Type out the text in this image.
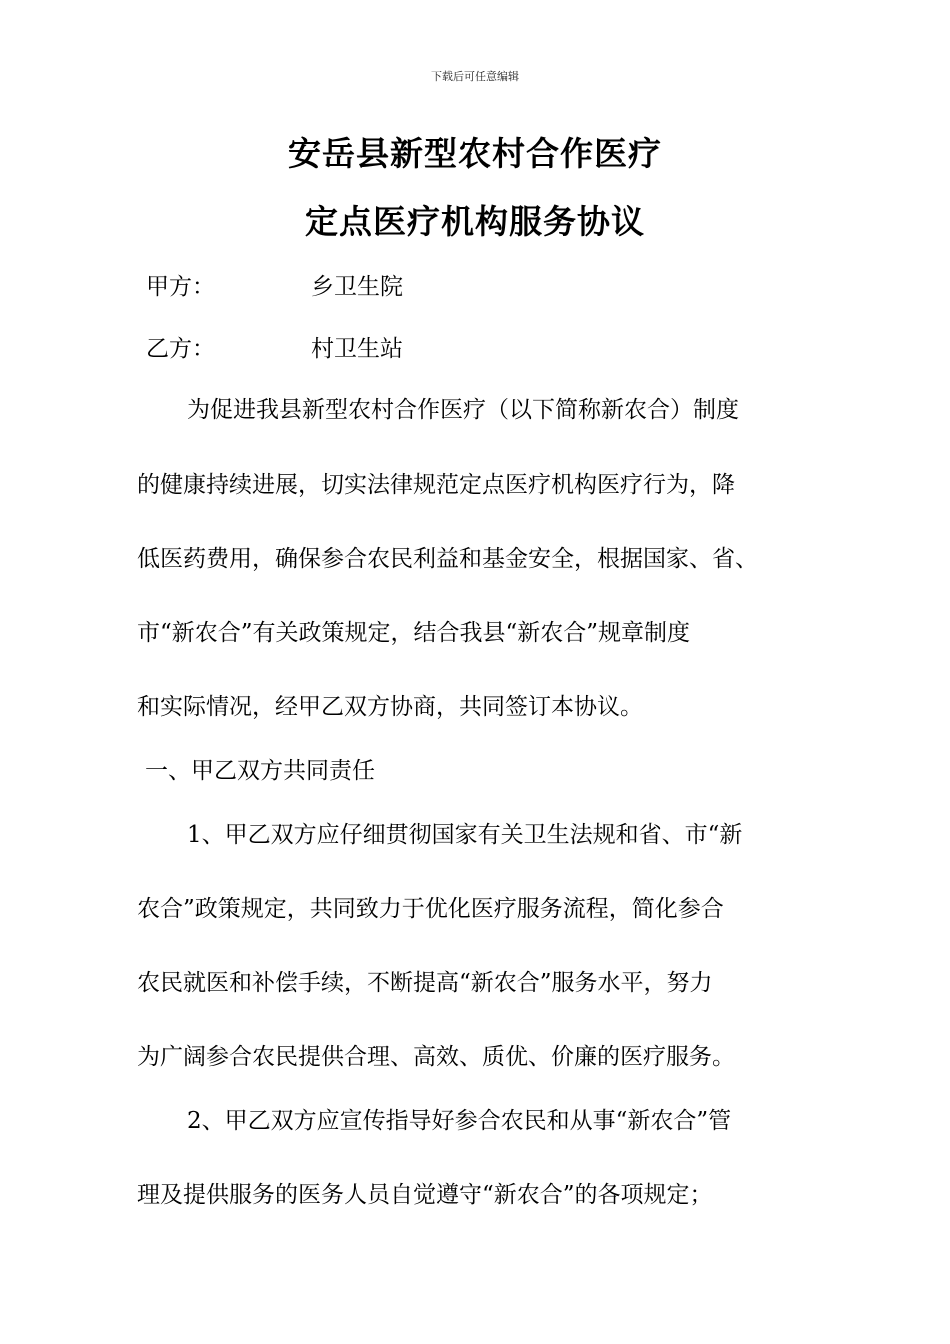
下载后可任意编辑
安岳县新型农村合作医疗
定点医疗机构服务协议
甲方：	乡卫生院
乙方：	村卫生站
为促进我县新型农村合作医疗（以下简称新农合）制度
的健康持续进展，切实法律规范定点医疗机构医疗行为，降
低医药费用，确保参合农民利益和基金安全，根据国家、省、
市“新农合”有关政策规定，结合我县“新农合”规章制度
和实际情况，经甲乙双方协商，共同签订本协议。
一、甲乙双方共同责任
1、甲乙双方应仔细贯彻国家有关卫生法规和省、市“新
农合”政策规定，共同致力于优化医疗服务流程，简化参合
农民就医和补偿手续，不断提高“新农合”服务水平，努力
为广阔参合农民提供合理、高效、质优、价廉的医疗服务。
2、甲乙双方应宣传指导好参合农民和从事“新农合”管
理及提供服务的医务人员自觉遵守“新农合”的各项规定；
